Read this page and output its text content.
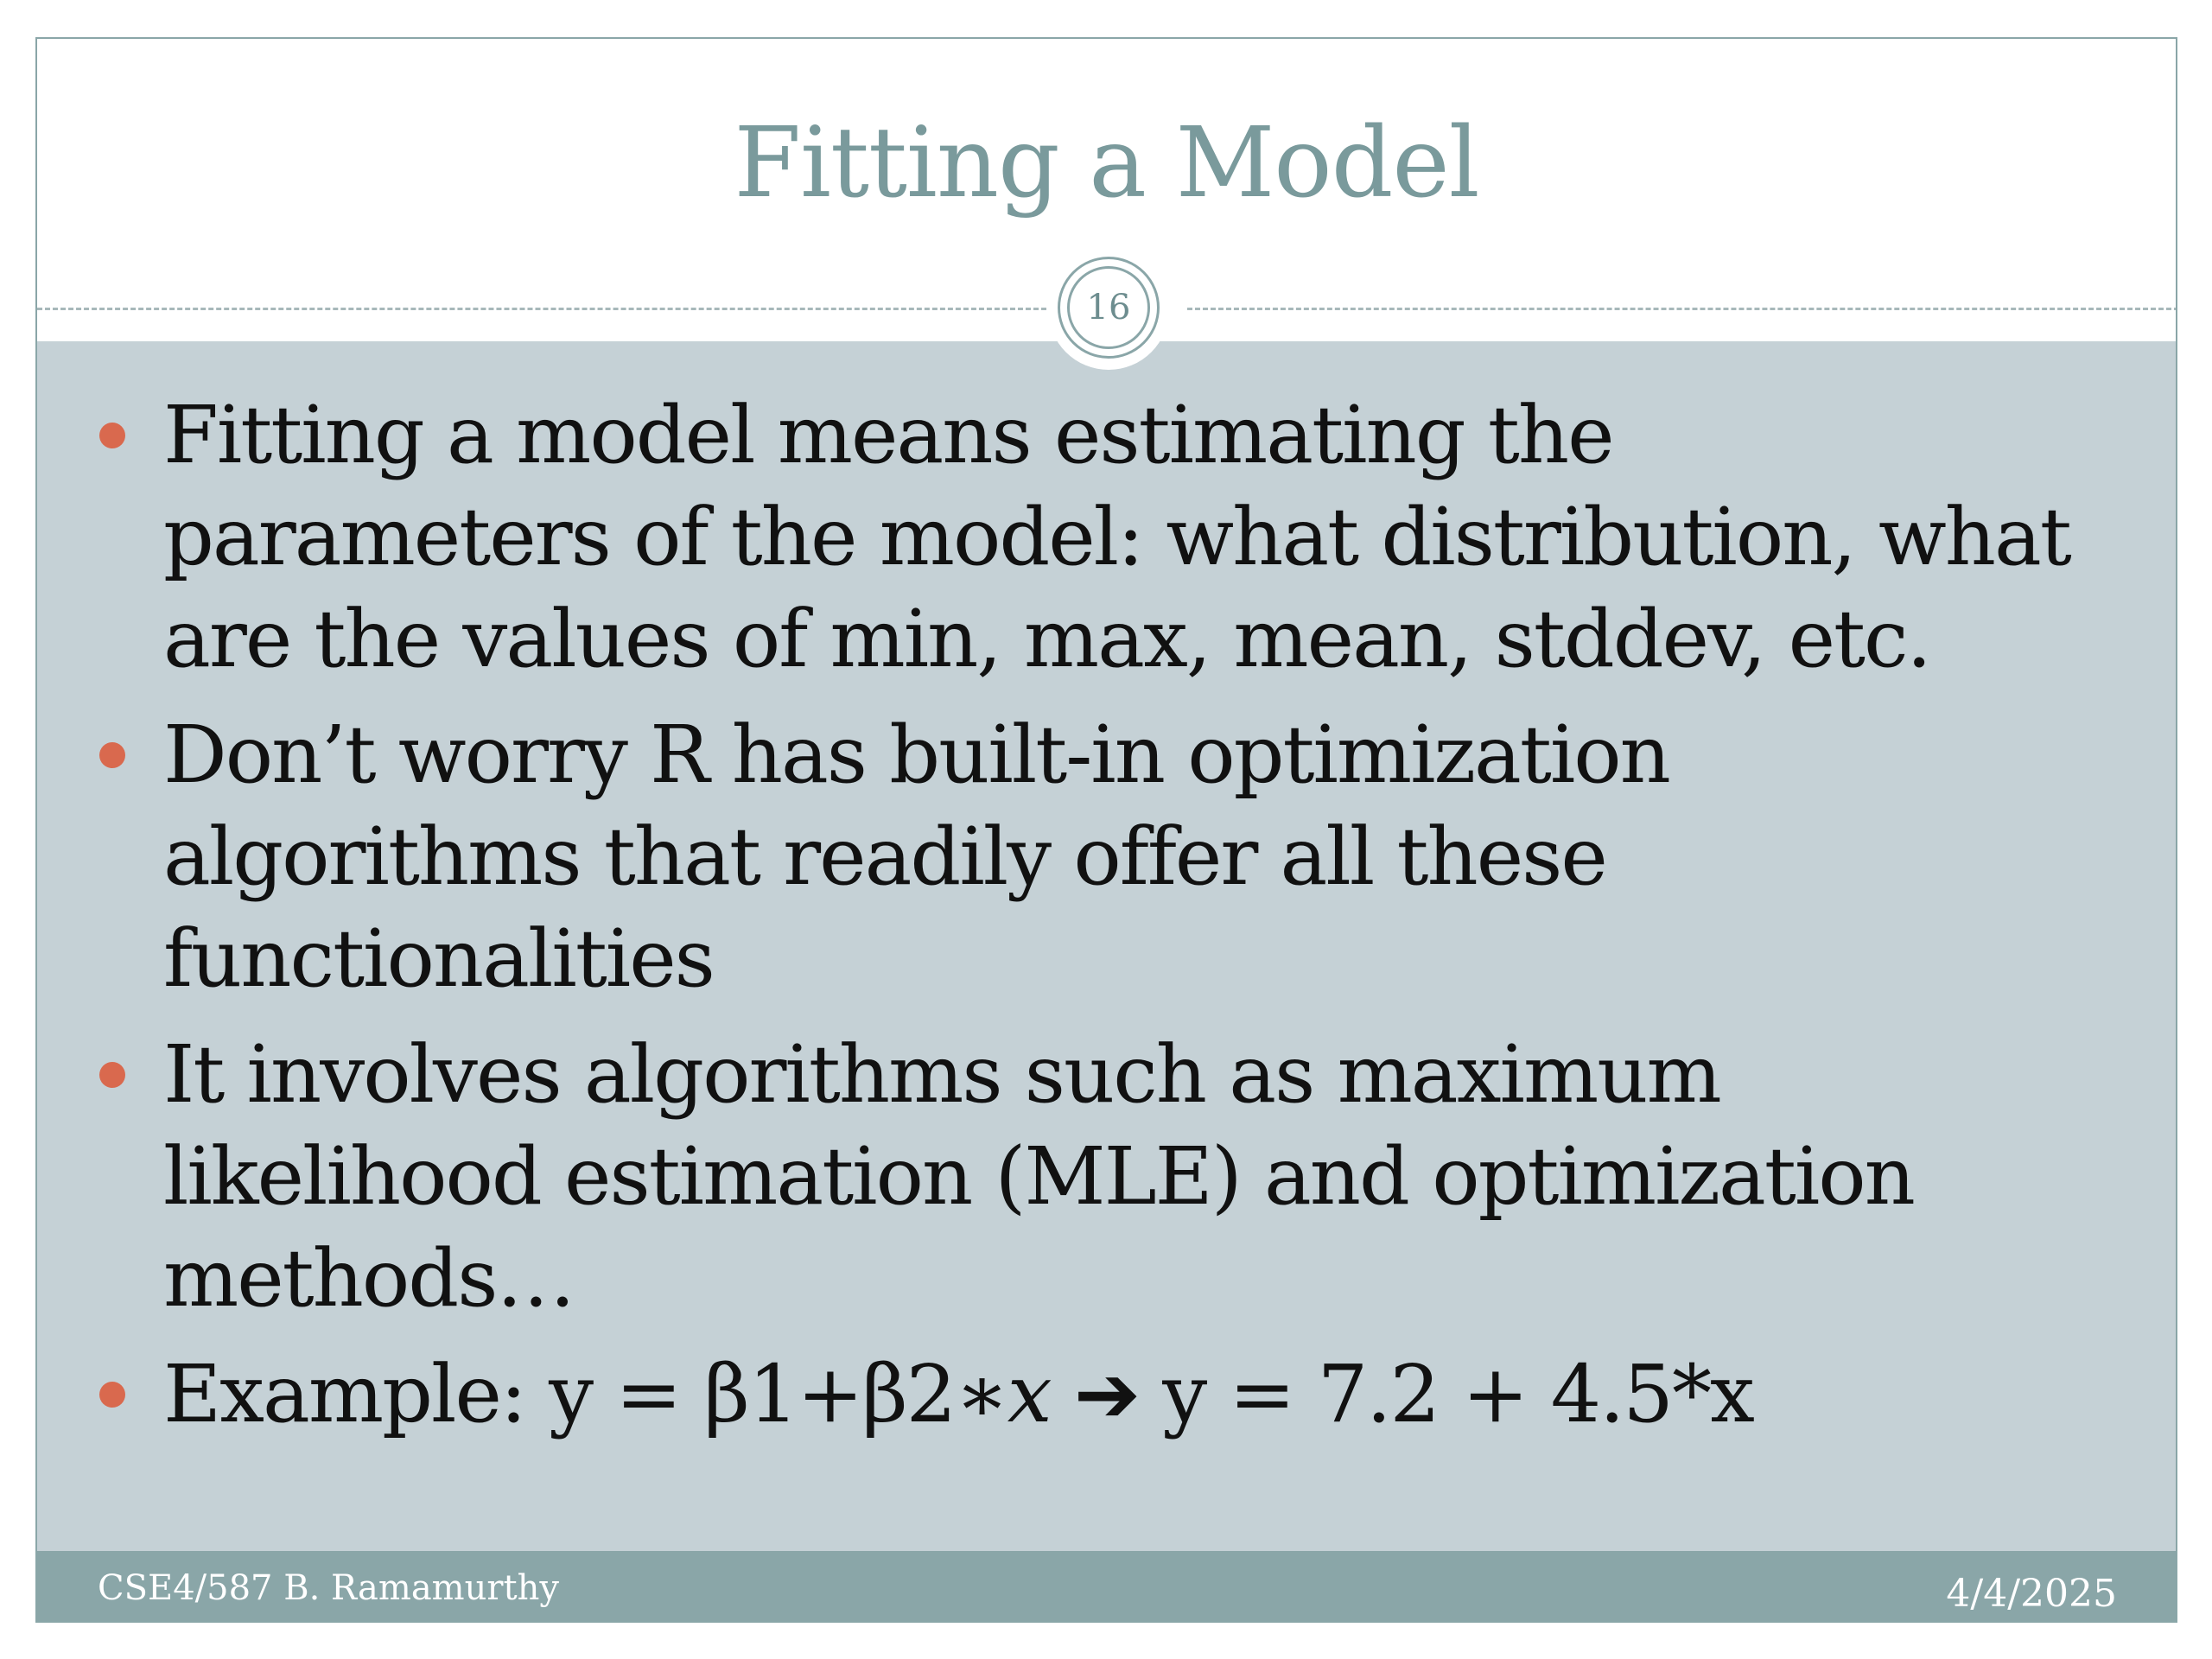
Fitting a Model
16
Fitting a model means estimating the parameters of the model: what distribution, what are the values of min, max, mean, stddev, etc.
Don’t worry R has built-in optimization algorithms that readily offer all these functionalities
It involves algorithms such as maximum likelihood estimation (MLE) and optimization methods…
Example: y = β1+β2∗𝑥 ➔ y = 7.2 + 4.5*x
CSE4/587 B. Ramamurthy	4/4/2025
